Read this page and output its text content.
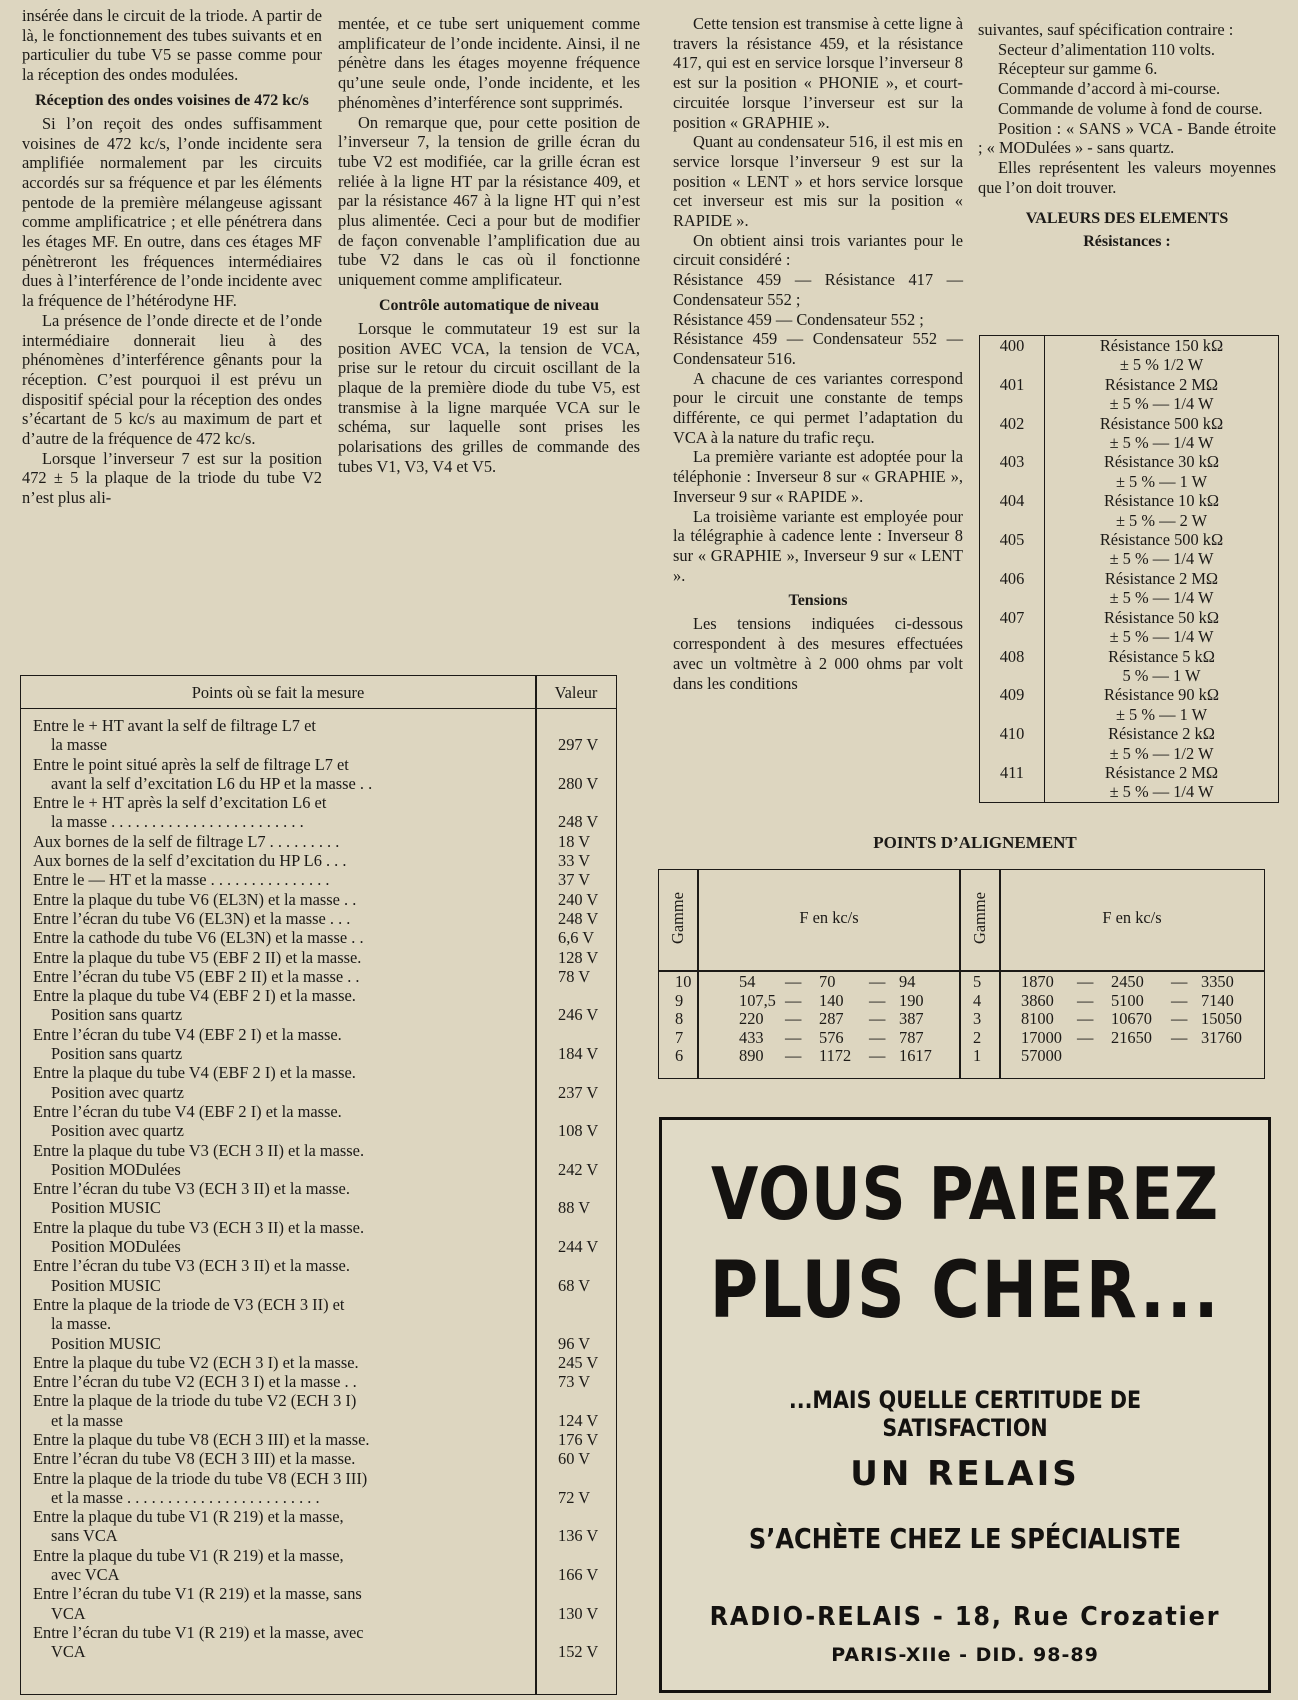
insérée dans le circuit de la triode. A partir de là, le fonctionnement des tubes suivants et en particulier du tube V5 se passe comme pour la réception des ondes modulées.

Réception des ondes voisines de 472 kc/s

Si l’on reçoit des ondes suffisamment voisines de 472 kc/s, l’onde incidente sera amplifiée normalement par les circuits accordés sur sa fréquence et par les éléments pentode de la première mélangeuse agissant comme amplificatrice ; et elle pénétrera dans les étages MF. En outre, dans ces étages MF pénètreront les fréquences intermédiaires dues à l’interférence de l’onde incidente avec la fréquence de l’hétérodyne HF.

La présence de l’onde directe et de l’onde intermédiaire donnerait lieu à des phénomènes d’interférence gênants pour la réception. C’est pourquoi il est prévu un dispositif spécial pour la réception des ondes s’écartant de 5 kc/s au maximum de part et d’autre de la fréquence de 472 kc/s.

Lorsque l’inverseur 7 est sur la position 472 ± 5 la plaque de la triode du tube V2 n’est plus ali-

mentée, et ce tube sert uniquement comme amplificateur de l’onde incidente. Ainsi, il ne pénètre dans les étages moyenne fréquence qu’une seule onde, l’onde incidente, et les phénomènes d’interférence sont supprimés.

On remarque que, pour cette position de l’inverseur 7, la tension de grille écran du tube V2 est modifiée, car la grille écran est reliée à la ligne HT par la résistance 409, et par la résistance 467 à la ligne HT qui n’est plus alimentée. Ceci a pour but de modifier de façon convenable l’amplification due au tube V2 dans le cas où il fonctionne uniquement comme amplificateur.

Contrôle automatique de niveau

Lorsque le commutateur 19 est sur la position AVEC VCA, la tension de VCA, prise sur le retour du circuit oscillant de la plaque de la première diode du tube V5, est transmise à la ligne marquée VCA sur le schéma, sur laquelle sont prises les polarisations des grilles de commande des tubes V1, V3, V4 et V5.

Cette tension est transmise à cette ligne à travers la résistance 459, et la résistance 417, qui est en service lorsque l’inverseur 8 est sur la position « PHONIE », et court-circuitée lorsque l’inverseur est sur la position « GRAPHIE ».

Quant au condensateur 516, il est mis en service lorsque l’inverseur 9 est sur la position « LENT » et hors service lorsque cet inverseur est mis sur la position « RAPIDE ».

On obtient ainsi trois variantes pour le circuit considéré :

Résistance 459 — Résistance 417 — Condensateur 552 ;

Résistance 459 — Condensateur 552 ;

Résistance 459 — Condensateur 552 — Condensateur 516.

A chacune de ces variantes correspond pour le circuit une constante de temps différente, ce qui permet l’adaptation du VCA à la nature du trafic reçu.

La première variante est adoptée pour la téléphonie : Inverseur 8 sur « GRAPHIE », Inverseur 9 sur « RAPIDE ».

La troisième variante est employée pour la télégraphie à cadence lente : Inverseur 8 sur « GRAPHIE », Inverseur 9 sur « LENT ».

Tensions

Les tensions indiquées ci-dessous correspondent à des mesures effectuées avec un voltmètre à 2 000 ohms par volt dans les conditions

suivantes, sauf spécification contraire :

Secteur d’alimentation 110 volts.

Récepteur sur gamme 6.

Commande d’accord à mi-course.

Commande de volume à fond de course.

Position : « SANS » VCA - Bande étroite ; « MODulées » - sans quartz.

Elles représentent les valeurs moyennes que l’on doit trouver.

VALEURS DES ELEMENTS
Résistances :
400	Résistance 150 kΩ
± 5 % 1/2 W

401	Résistance 2 MΩ
± 5 % — 1/4 W

402	Résistance 500 kΩ
± 5 % — 1/4 W

403	Résistance 30 kΩ
± 5 % — 1 W

404	Résistance 10 kΩ
± 5 % — 2 W

405	Résistance 500 kΩ
± 5 % — 1/4 W

406	Résistance 2 MΩ
± 5 % — 1/4 W

407	Résistance 50 kΩ
± 5 % — 1/4 W

408	Résistance 5 kΩ
5 % — 1 W

409	Résistance 90 kΩ
± 5 % — 1 W

410	Résistance 2 kΩ
± 5 % — 1/2 W

411	Résistance 2 MΩ
± 5 % — 1/4 W
Points où se fait la mesure	Valeur
Entre le + HT avant la self de filtrage L7 et
la masse	297 V
Entre le point situé après la self de filtrage L7 et
avant la self d’excitation L6 du HP et la masse . .	280 V
Entre le + HT après la self d’excitation L6 et
la masse . . . . . . . . . . . . . . . . . . . . . . . .	248 V
Aux bornes de la self de filtrage L7 . . . . . . . . .	18 V
Aux bornes de la self d’excitation du HP L6 . . .	33 V
Entre le — HT et la masse . . . . . . . . . . . . . . .	37 V
Entre la plaque du tube V6 (EL3N) et la masse . .	240 V
Entre l’écran du tube V6 (EL3N) et la masse . . .	248 V
Entre la cathode du tube V6 (EL3N) et la masse . .	6,6 V
Entre la plaque du tube V5 (EBF 2 II) et la masse.	128 V
Entre l’écran du tube V5 (EBF 2 II) et la masse . .	78 V
Entre la plaque du tube V4 (EBF 2 I) et la masse.
Position sans quartz	246 V
Entre l’écran du tube V4 (EBF 2 I) et la masse.
Position sans quartz	184 V
Entre la plaque du tube V4 (EBF 2 I) et la masse.
Position avec quartz	237 V
Entre l’écran du tube V4 (EBF 2 I) et la masse.
Position avec quartz	108 V
Entre la plaque du tube V3 (ECH 3 II) et la masse.
Position MODulées	242 V
Entre l’écran du tube V3 (ECH 3 II) et la masse.
Position MUSIC	88 V
Entre la plaque du tube V3 (ECH 3 II) et la masse.
Position MODulées	244 V
Entre l’écran du tube V3 (ECH 3 II) et la masse.
Position MUSIC	68 V
Entre la plaque de la triode de V3 (ECH 3 II) et
la masse.
Position MUSIC	96 V
Entre la plaque du tube V2 (ECH 3 I) et la masse.	245 V
Entre l’écran du tube V2 (ECH 3 I) et la masse . .	73 V
Entre la plaque de la triode du tube V2 (ECH 3 I)
et la masse	124 V
Entre la plaque du tube V8 (ECH 3 III) et la masse.	176 V
Entre l’écran du tube V8 (ECH 3 III) et la masse.	60 V
Entre la plaque de la triode du tube V8 (ECH 3 III)
et la masse . . . . . . . . . . . . . . . . . . . . . . . .	72 V
Entre la plaque du tube V1 (R 219) et la masse,
sans VCA	136 V
Entre la plaque du tube V1 (R 219) et la masse,
avec VCA	166 V
Entre l’écran du tube V1 (R 219) et la masse, sans
VCA	130 V
Entre l’écran du tube V1 (R 219) et la masse, avec
VCA	152 V
POINTS D’ALIGNEMENT
Gamme	Gamme
F en kc/s	F en kc/s
10	54 — 70 — 94
9	107,5 — 140 — 190
8	220 — 287 — 387
7	433 — 576 — 787
6	890 — 1172 — 1617
5 1870 — 2450 — 3350
4 3860 — 5100 — 7140
3 8100 — 10670 — 15050
2 17000 — 21650 — 31760
1 57000
VOUS PAIEREZ
PLUS CHER...
...MAIS QUELLE CERTITUDE DE SATISFACTION
UN RELAIS
S’ACHÈTE CHEZ LE SPÉCIALISTE
RADIO-RELAIS - 18, Rue Crozatier
PARIS-XIIe - DID. 98-89
